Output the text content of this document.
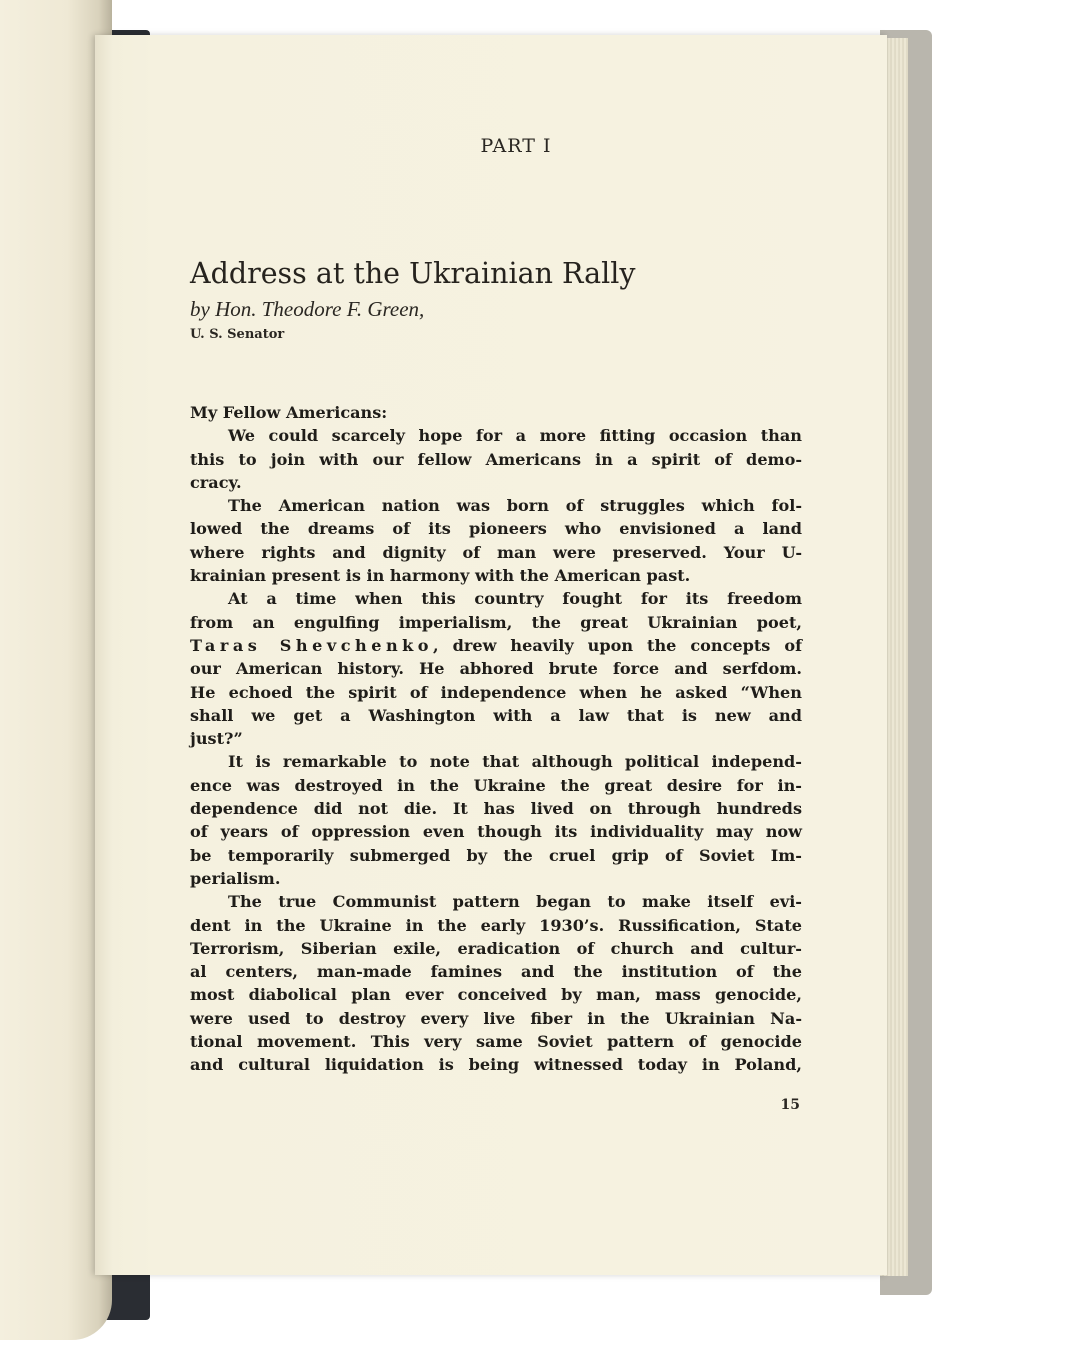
PART I
Address at the Ukrainian Rally
by Hon. Theodore F. Green,
U. S. Senator

My Fellow Americans:

We could scarcely hope for a more fitting occasion than
this to join with our fellow Americans in a spirit of demo-
cracy.
The American nation was born of struggles which fol-
lowed the dreams of its pioneers who envisioned a land
where rights and dignity of man were preserved. Your U-
krainian present is in harmony with the American past.
At a time when this country fought for its freedom
from an engulfing imperialism, the great Ukrainian poet,
Taras Shevchenko, drew heavily upon the concepts of
our American history. He abhored brute force and serfdom.
He echoed the spirit of independence when he asked “When
shall we get a Washington with a law that is new and
just?”
It is remarkable to note that although political independ-
ence was destroyed in the Ukraine the great desire for in-
dependence did not die. It has lived on through hundreds
of years of oppression even though its individuality may now
be temporarily submerged by the cruel grip of Soviet Im-
perialism.
The true Communist pattern began to make itself evi-
dent in the Ukraine in the early 1930’s. Russification, State
Terrorism, Siberian exile, eradication of church and cultur-
al centers, man-made famines and the institution of the
most diabolical plan ever conceived by man, mass genocide,
were used to destroy every live fiber in the Ukrainian Na-
tional movement. This very same Soviet pattern of genocide
and cultural liquidation is being witnessed today in Poland,
15
